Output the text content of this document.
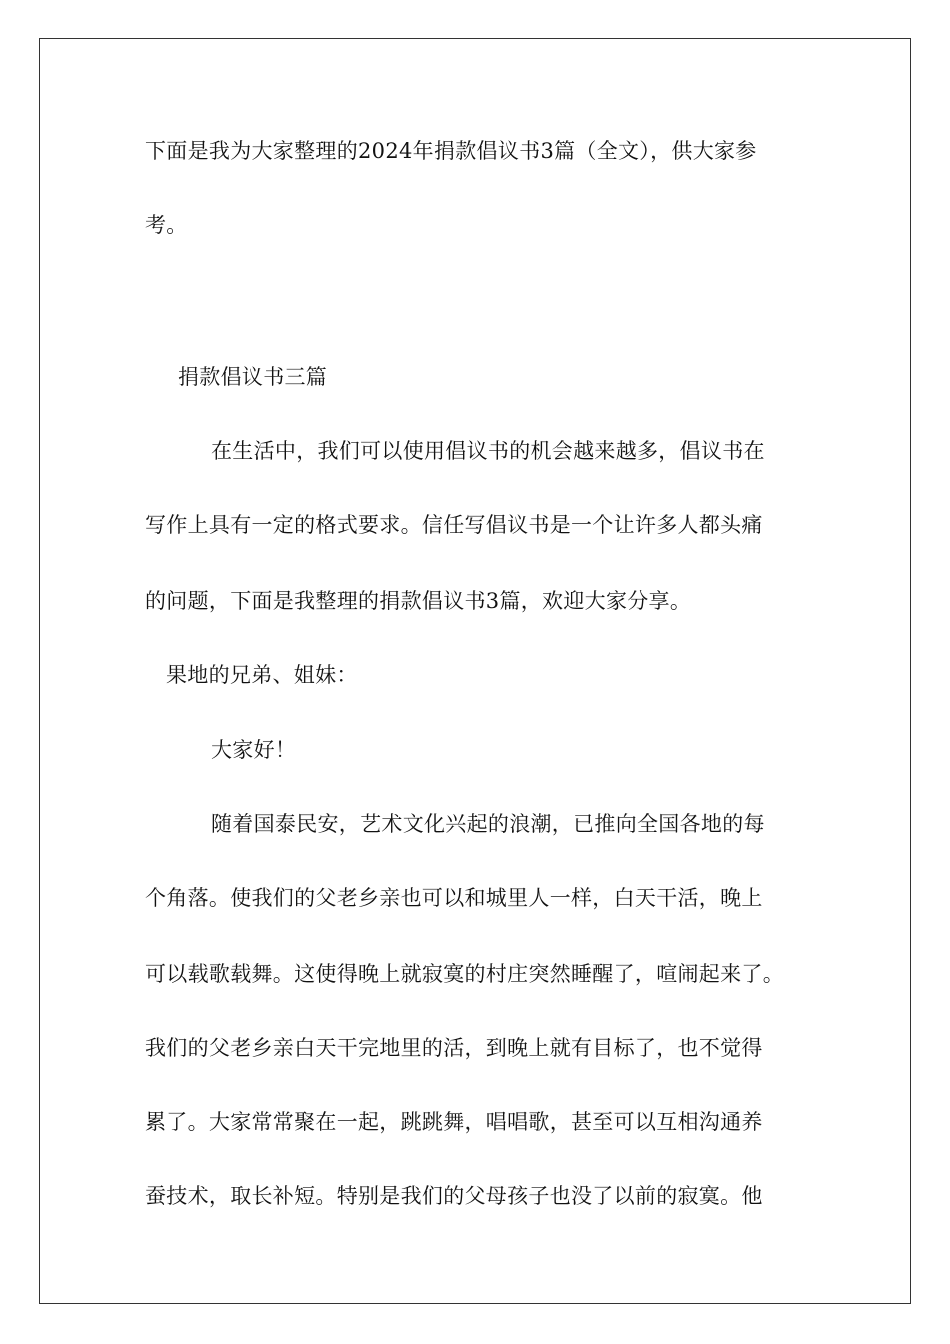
下面是我为大家整理的2024年捐款倡议书3篇（全文），供大家参
考。
捐款倡议书三篇
在生活中，我们可以使用倡议书的机会越来越多，倡议书在
写作上具有一定的格式要求。信任写倡议书是一个让许多人都头痛
的问题，下面是我整理的捐款倡议书3篇，欢迎大家分享。
果地的兄弟、姐妹：
大家好！
随着国泰民安，艺术文化兴起的浪潮，已推向全国各地的每
个角落。使我们的父老乡亲也可以和城里人一样，白天干活，晚上
可以载歌载舞。这使得晚上就寂寞的村庄突然睡醒了，喧闹起来了。
我们的父老乡亲白天干完地里的活，到晚上就有目标了，也不觉得
累了。大家常常聚在一起，跳跳舞，唱唱歌，甚至可以互相沟通养
蚕技术，取长补短。特别是我们的父母孩子也没了以前的寂寞。他
